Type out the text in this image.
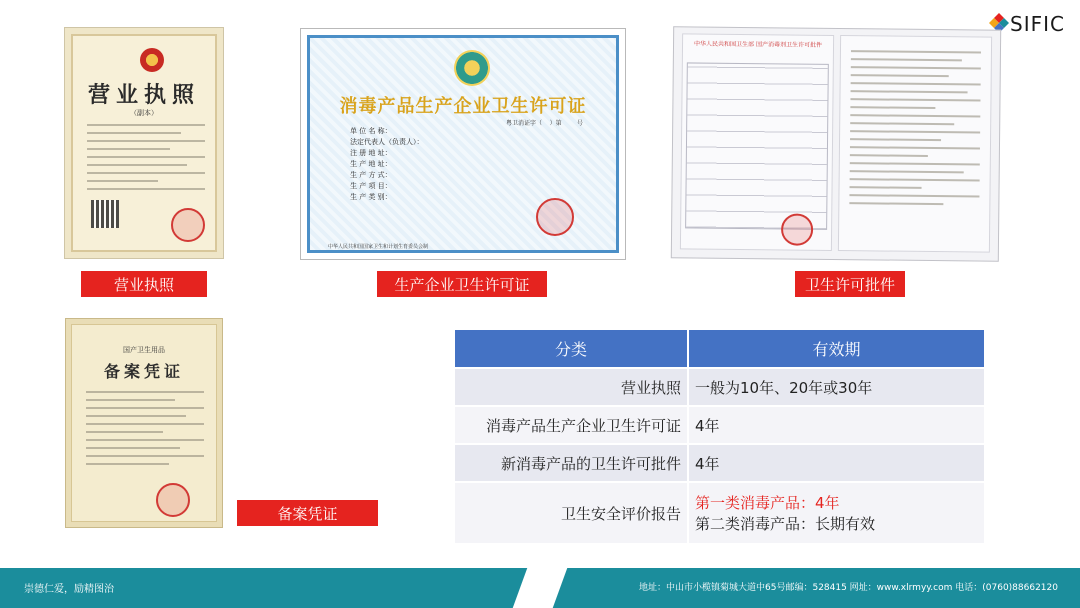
SIFIC
营业执照
（副本）	消毒产品生产企业卫生许可证
粤卫消证字（    ）第        号
单 位 名 称：
法定代表人（负责人）：
注 册 地 址：
生 产 地 址：
生 产 方 式：
生 产 项 目：
生 产 类 别：
中华人民共和国国家卫生和计划生育委员会制
中华人民共和国卫生部 国产消毒剂卫生许可批件
国产卫生用品
备案凭证
营业执照	生产企业卫生许可证	卫生许可批件
备案凭证
分类	有效期
营业执照	一般为10年、20年或30年
消毒产品生产企业卫生许可证	4年
新消毒产品的卫生许可批件	4年
卫生安全评价报告	第一类消毒产品：4年
第二类消毒产品：长期有效
崇德仁爱，励精图治	地址：中山市小榄镇菊城大道中65号邮编：528415 网址：www.xlrmyy.com 电话：(0760)88662120
